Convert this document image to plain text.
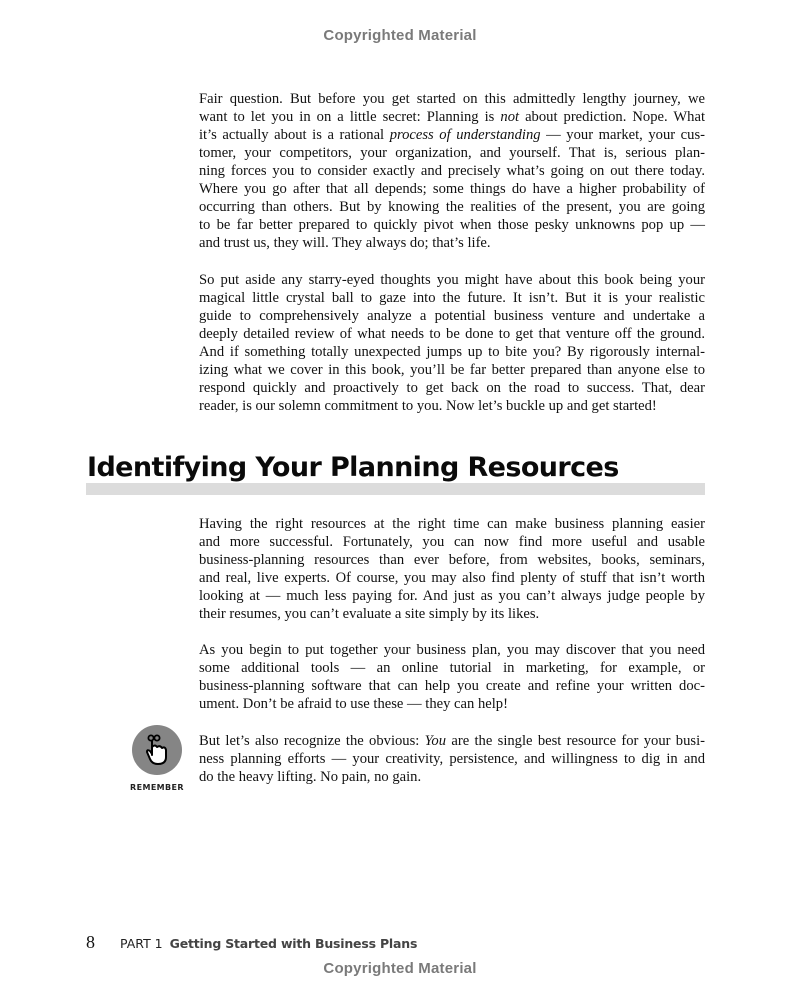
Copyrighted Material
Fair question. But before you get started on this admittedly lengthy journey, we
want to let you in on a little secret: Planning is not about prediction. Nope. What
it’s actually about is a rational process of understanding — your market, your cus-
tomer, your competitors, your organization, and yourself. That is, serious plan-
ning forces you to consider exactly and precisely what’s going on out there today.
Where you go after that all depends; some things do have a higher probability of
occurring than others. But by knowing the realities of the present, you are going
to be far better prepared to quickly pivot when those pesky unknowns pop up —
and trust us, they will. They always do; that’s life.
So put aside any starry-eyed thoughts you might have about this book being your
magical little crystal ball to gaze into the future. It isn’t. But it is your realistic
guide to comprehensively analyze a potential business venture and undertake a
deeply detailed review of what needs to be done to get that venture off the ground.
And if something totally unexpected jumps up to bite you? By rigorously internal-
izing what we cover in this book, you’ll be far better prepared than anyone else to
respond quickly and proactively to get back on the road to success. That, dear
reader, is our solemn commitment to you. Now let’s buckle up and get started!
Identifying Your Planning Resources
Having the right resources at the right time can make business planning easier
and more successful. Fortunately, you can now find more useful and usable
business-planning resources than ever before, from websites, books, seminars,
and real, live experts. Of course, you may also find plenty of stuff that isn’t worth
looking at — much less paying for. And just as you can’t always judge people by
their resumes, you can’t evaluate a site simply by its likes.
As you begin to put together your business plan, you may discover that you need
some additional tools — an online tutorial in marketing, for example, or
business-planning software that can help you create and refine your written doc-
ument. Don’t be afraid to use these — they can help!
REMEMBER
But let’s also recognize the obvious: You are the single best resource for your busi-
ness planning efforts — your creativity, persistence, and willingness to dig in and
do the heavy lifting. No pain, no gain.
8	PART 1 Getting Started with Business Plans
Copyrighted Material
